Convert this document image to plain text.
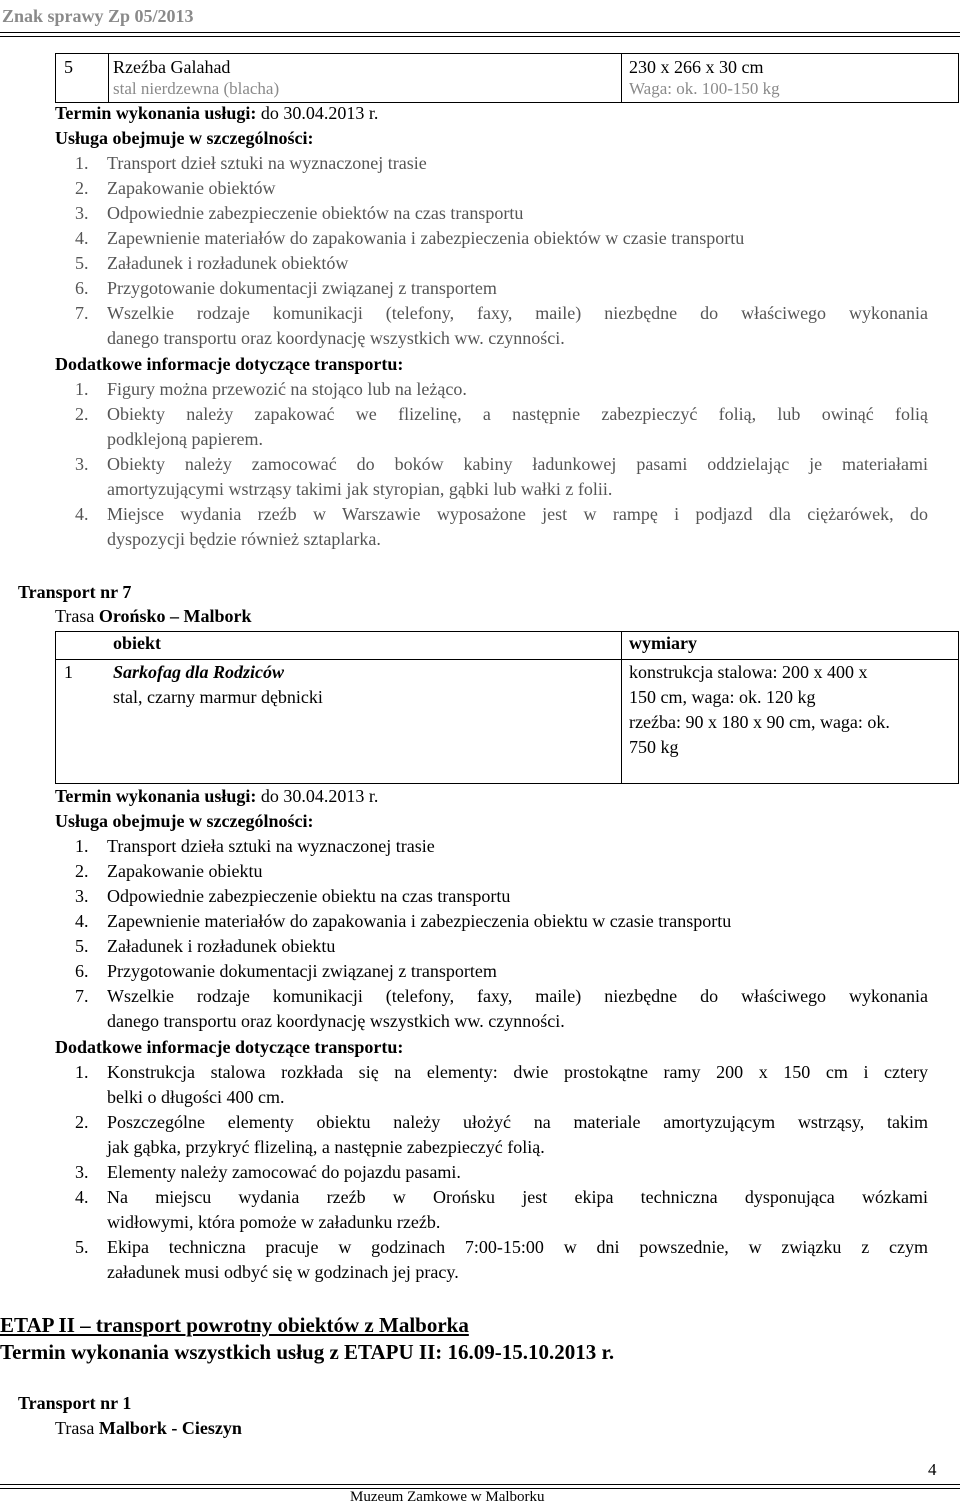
Znak sprawy Zp 05/2013
5 Rzeźba Galahad
stal nierdzewna (blacha)
230 x 266 x 30 cm
Waga: ok. 100-150 kg
Termin wykonania usługi: do 30.04.2013 r.
Usługa obejmuje w szczególności:
1. Transport dzieł sztuki na wyznaczonej trasie
2. Zapakowanie obiektów
3. Odpowiednie zabezpieczenie obiektów na czas transportu
4. Zapewnienie materiałów do zapakowania i zabezpieczenia obiektów w czasie transportu
5. Załadunek i rozładunek obiektów
6. Przygotowanie dokumentacji związanej z transportem
7. Wszelkie rodzaje komunikacji (telefony, faxy, maile) niezbędne do właściwego wykonania
danego transportu oraz koordynację wszystkich ww. czynności.
Dodatkowe informacje dotyczące transportu:
1. Figury można przewozić na stojąco lub na leżąco.
2. Obiekty należy zapakować we flizelinę, a następnie zabezpieczyć folią, lub owinąć folią
podklejoną papierem.
3. Obiekty należy zamocować do boków kabiny ładunkowej pasami oddzielając je materiałami
amortyzującymi wstrząsy takimi jak styropian, gąbki lub wałki z folii.
4. Miejsce wydania rzeźb w Warszawie wyposażone jest w rampę i podjazd dla ciężarówek, do
dyspozycji będzie również sztaplarka.
Transport nr 7
Trasa Orońsko – Malbork
obiekt	wymiary
1 Sarkofag dla Rodziców
stal, czarny marmur dębnicki
konstrukcja stalowa: 200 x 400 x
150 cm, waga: ok. 120 kg
rzeźba: 90 x 180 x 90 cm, waga: ok.
750 kg
Termin wykonania usługi: do 30.04.2013 r.
Usługa obejmuje w szczególności:
1. Transport dzieła sztuki na wyznaczonej trasie
2. Zapakowanie obiektu
3. Odpowiednie zabezpieczenie obiektu na czas transportu
4. Zapewnienie materiałów do zapakowania i zabezpieczenia obiektu w czasie transportu
5. Załadunek i rozładunek obiektu
6. Przygotowanie dokumentacji związanej z transportem
7. Wszelkie rodzaje komunikacji (telefony, faxy, maile) niezbędne do właściwego wykonania
danego transportu oraz koordynację wszystkich ww. czynności.
Dodatkowe informacje dotyczące transportu:
1. Konstrukcja stalowa rozkłada się na elementy: dwie prostokątne ramy 200 x 150 cm i cztery
belki o długości 400 cm.
2. Poszczególne elementy obiektu należy ułożyć na materiale amortyzującym wstrząsy, takim
jak gąbka, przykryć flizeliną, a następnie zabezpieczyć folią.
3. Elementy należy zamocować do pojazdu pasami.
4. Na miejscu wydania rzeźb w Orońsku jest ekipa techniczna dysponująca wózkami
widłowymi, która pomoże w załadunku rzeźb.
5. Ekipa techniczna pracuje w godzinach 7:00-15:00 w dni powszednie, w związku z czym
załadunek musi odbyć się w godzinach jej pracy.
ETAP II – transport powrotny obiektów z Malborka
Termin wykonania wszystkich usług z ETAPU II: 16.09-15.10.2013 r.
Transport nr 1
Trasa Malbork - Cieszyn
4
Muzeum Zamkowe w Malborku
